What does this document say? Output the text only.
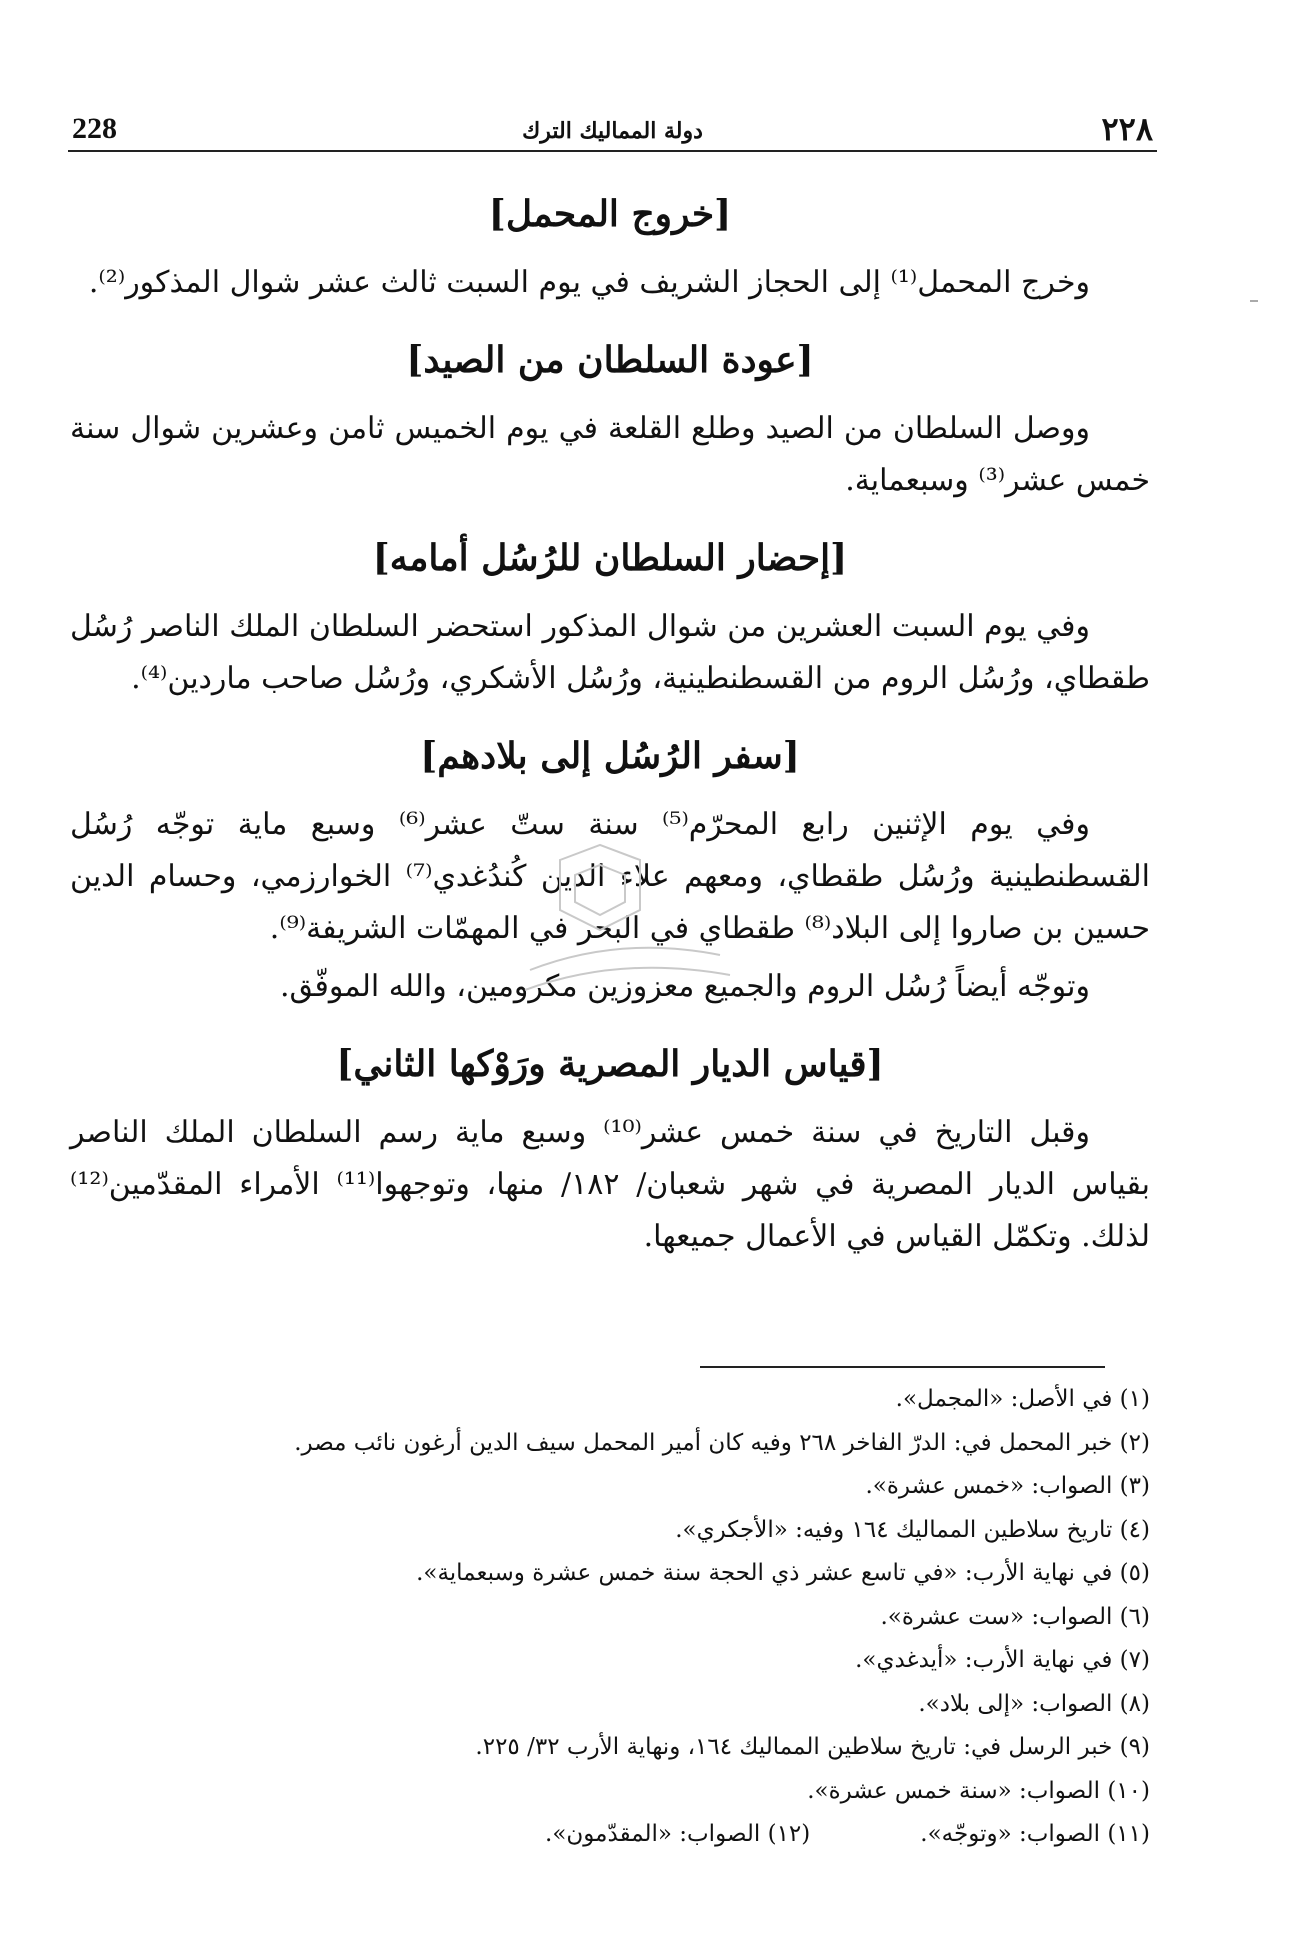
228	دولة المماليك الترك	٢٢٨
[خروج المحمل]

وخرج المحمل⁽¹⁾ إلى الحجاز الشريف في يوم السبت ثالث عشر شوال المذكور⁽²⁾.

[عودة السلطان من الصيد]

ووصل السلطان من الصيد وطلع القلعة في يوم الخميس ثامن وعشرين شوال سنة خمس عشر⁽³⁾ وسبعماية.

[إحضار السلطان للرُسُل أمامه]

وفي يوم السبت العشرين من شوال المذكور استحضر السلطان الملك الناصر رُسُل طقطاي، ورُسُل الروم من القسطنطينية، ورُسُل الأشكري، ورُسُل صاحب ماردين⁽⁴⁾.

[سفر الرُسُل إلى بلادهم]

وفي يوم الإثنين رابع المحرّم⁽⁵⁾ سنة ستّ عشر⁽⁶⁾ وسبع ماية توجّه رُسُل القسطنطينية ورُسُل طقطاي، ومعهم علاء الدين كُندُغدي⁽⁷⁾ الخوارزمي، وحسام الدين حسين بن صاروا إلى البلاد⁽⁸⁾ طقطاي في البحر في المهمّات الشريفة⁽⁹⁾.

وتوجّه أيضاً رُسُل الروم والجميع معزوزين مكرومين، والله الموفّق.

[قياس الديار المصرية ورَوْكها الثاني]

وقبل التاريخ في سنة خمس عشر⁽¹⁰⁾ وسبع ماية رسم السلطان الملك الناصر بقياس الديار المصرية في شهر شعبان/ ١٨٢/ منها، وتوجهوا⁽¹¹⁾ الأمراء المقدّمين⁽¹²⁾ لذلك. وتكمّل القياس في الأعمال جميعها.

(١) في الأصل: «المجمل».
(٢) خبر المحمل في: الدرّ الفاخر ٢٦٨ وفيه كان أمير المحمل سيف الدين أرغون نائب مصر.
(٣) الصواب: «خمس عشرة».
(٤) تاريخ سلاطين المماليك ١٦٤ وفيه: «الأجكري».
(٥) في نهاية الأرب: «في تاسع عشر ذي الحجة سنة خمس عشرة وسبعماية».
(٦) الصواب: «ست عشرة».
(٧) في نهاية الأرب: «أيدغدي».
(٨) الصواب: «إلى بلاد».
(٩) خبر الرسل في: تاريخ سلاطين المماليك ١٦٤، ونهاية الأرب ٣٢/ ٢٢٥.
(١٠) الصواب: «سنة خمس عشرة».
(١١) الصواب: «وتوجّه».
(١٢) الصواب: «المقدّمون».
